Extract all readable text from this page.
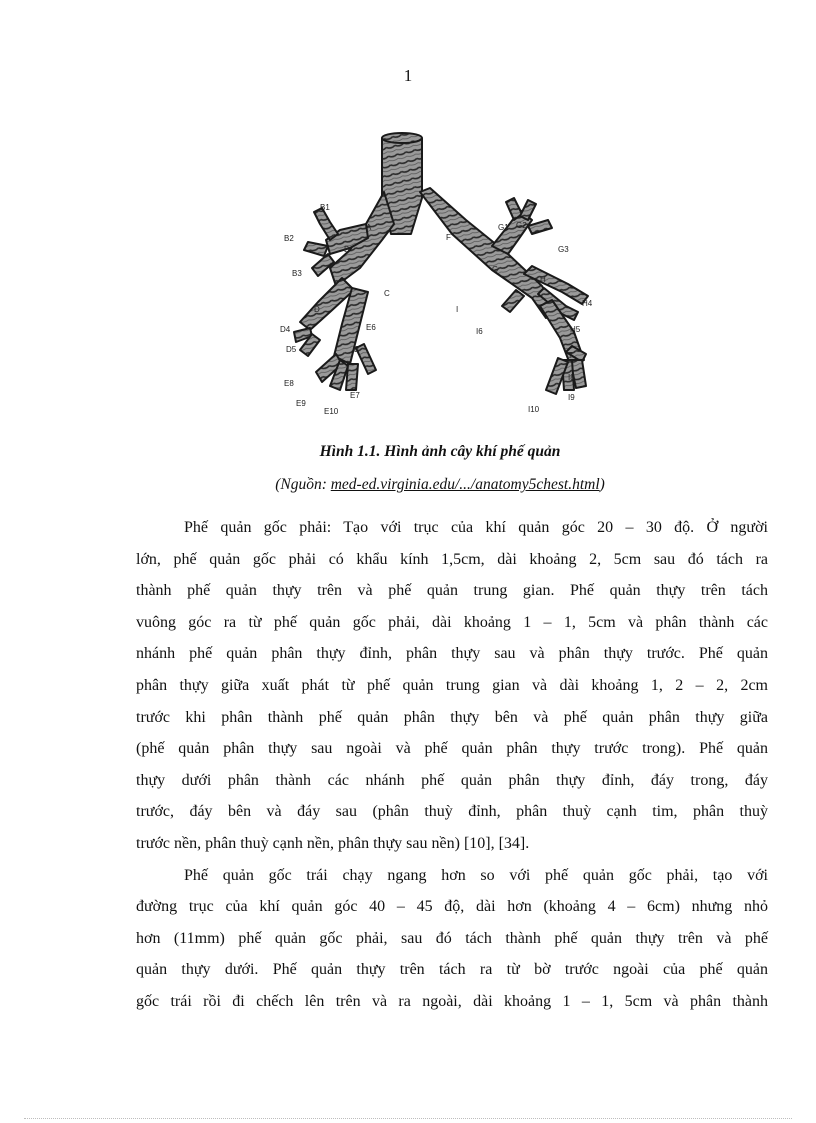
1
B1
B2
B
A
B3
C
D
D4	E6
D5	E
E8
E7
E9
E10
F
G1 G2
G3
G
H
H4
I
H5
I6
I7
I8
I9
I10
Hình 1.1. Hình ảnh cây khí phế quản
(Nguồn: med-ed.virginia.edu/.../anatomy5chest.html)
Phế quản gốc phải: Tạo với trục của khí quản góc 20 – 30 độ. Ở người
lớn, phế quản gốc phải có khẩu kính 1,5cm, dài khoảng 2, 5cm sau đó tách ra
thành phế quản thựy trên và phế quản trung gian. Phế quản thựy trên tách
vuông góc ra từ phế quản gốc phải, dài khoảng 1 – 1, 5cm và phân thành các
nhánh phế quản phân thựy đỉnh, phân thựy sau và phân thựy trước. Phế quản
phân thựy giữa xuất phát từ phế quản trung gian và dài khoảng 1, 2 – 2, 2cm
trước khi phân thành phế quản phân thựy bên và phế quản phân thựy giữa
(phế quản phân thựy sau ngoài và phế quản phân thựy trước trong). Phế quản
thựy dưới phân thành các nhánh phế quản phân thựy đỉnh, đáy trong, đáy
trước, đáy bên và đáy sau (phân thuỳ đỉnh, phân thuỳ cạnh tim, phân thuỳ
trước nền, phân thuỳ cạnh nền, phân thựy sau nền) [10], [34].
Phế quản gốc trái chạy ngang hơn so với phế quản gốc phải, tạo với
đường trục của khí quản góc 40 – 45 độ, dài hơn (khoảng 4 – 6cm) nhưng nhỏ
hơn (11mm) phế quản gốc phải, sau đó tách thành phế quản thựy trên và phế
quản thựy dưới. Phế quản thựy trên tách ra từ bờ trước ngoài của phế quản
gốc trái rồi đi chếch lên trên và ra ngoài, dài khoảng 1 – 1, 5cm và phân thành
